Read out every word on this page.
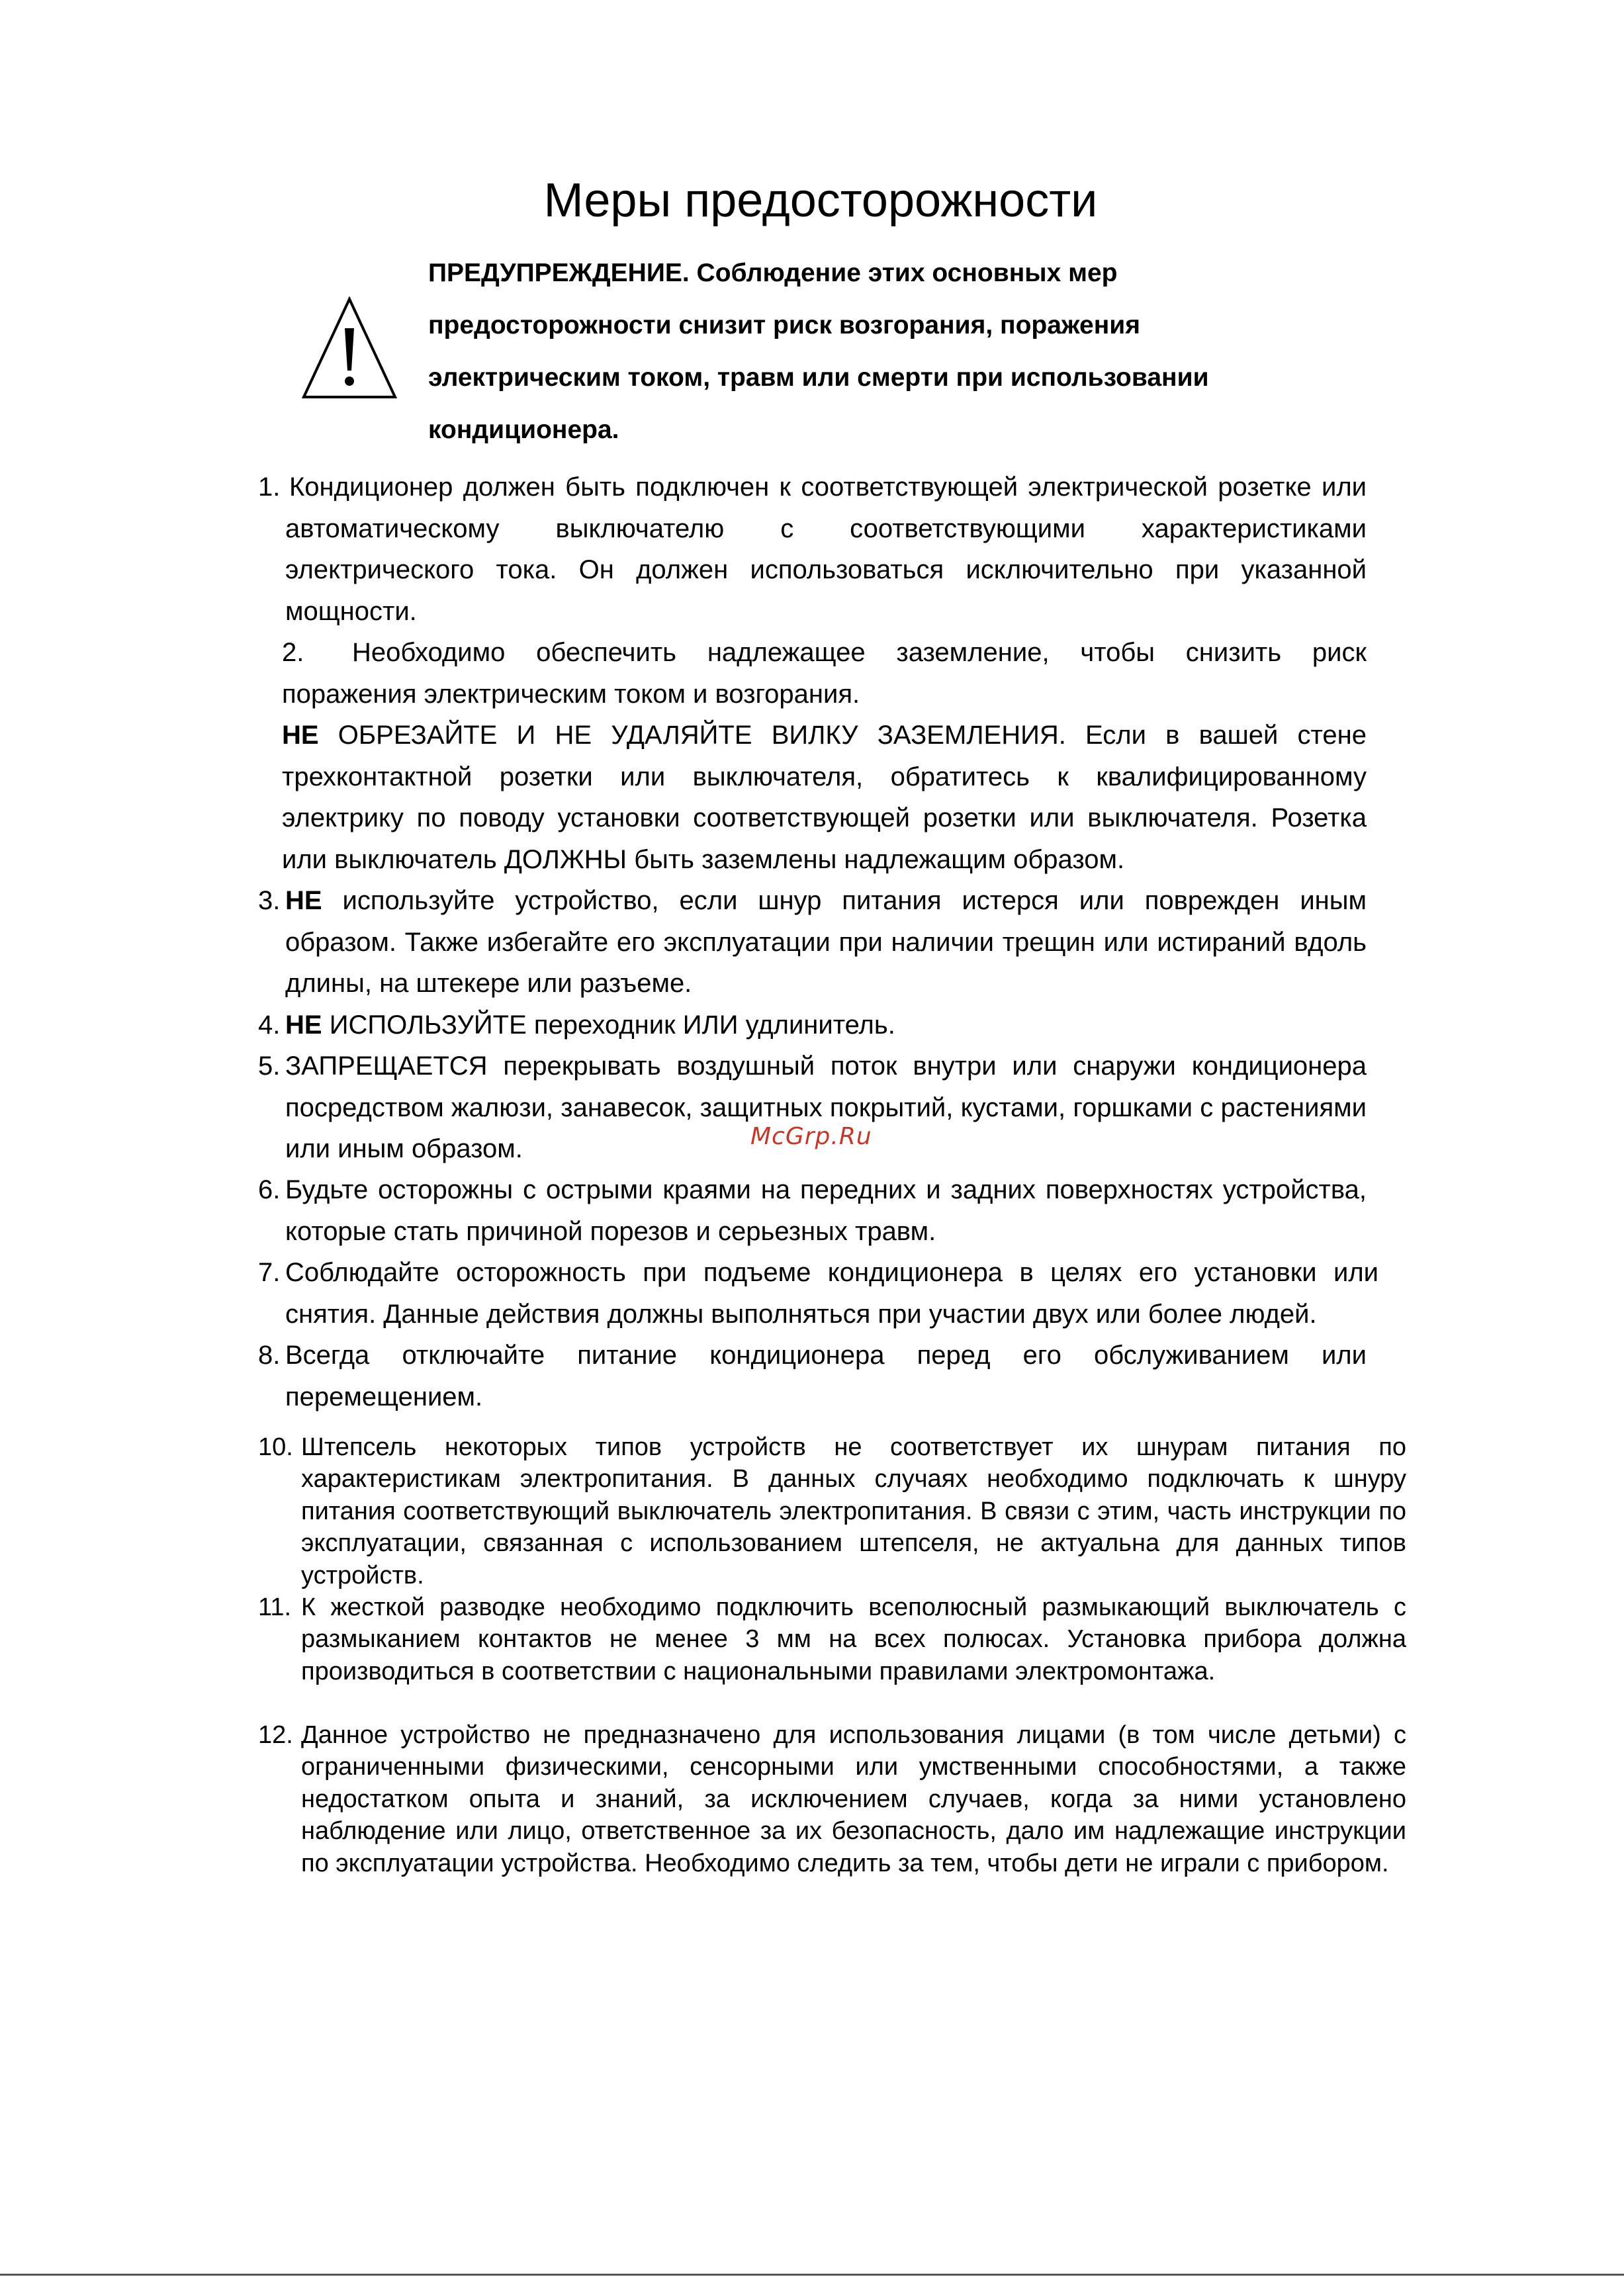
Меры предосторожности
ПРЕДУПРЕЖДЕНИЕ. Соблюдение этих основных мер предосторожности снизит риск возгорания, поражения электрическим током, травм или смерти при использовании кондиционера.
1. Кондиционер должен быть подключен к соответствующей электрической розетке или автоматическому выключателю с соответствующими характеристиками электрического тока. Он должен использоваться исключительно при указанной мощности.
2. Необходимо обеспечить надлежащее заземление, чтобы снизить риск поражения электрическим током и возгорания.
НЕ ОБРЕЗАЙТЕ И НЕ УДАЛЯЙТЕ ВИЛКУ ЗАЗЕМЛЕНИЯ. Если в вашей стене трехконтактной розетки или выключателя, обратитесь к квалифицированному электрику по поводу установки соответствующей розетки или выключателя. Розетка или выключатель ДОЛЖНЫ быть заземлены надлежащим образом.
3. НЕ используйте устройство, если шнур питания истерся или поврежден иным образом. Также избегайте его эксплуатации при наличии трещин или истираний вдоль длины, на штекере или разъеме.
4. НЕ ИСПОЛЬЗУЙТЕ переходник ИЛИ удлинитель.
5. ЗАПРЕЩАЕТСЯ перекрывать воздушный поток внутри или снаружи кондиционера посредством жалюзи, занавесок, защитных покрытий, кустами, горшками с растениями или иным образом.
6. Будьте осторожны с острыми краями на передних и задних поверхностях устройства, которые стать причиной порезов и серьезных травм.
7. Соблюдайте осторожность при подъеме кондиционера в целях его установки или снятия. Данные действия должны выполняться при участии двух или более людей.
8. Всегда отключайте питание кондиционера перед его обслуживанием или перемещением.
10. Штепсель некоторых типов устройств не соответствует их шнурам питания по характеристикам электропитания. В данных случаях необходимо подключать к шнуру питания соответствующий выключатель электропитания. В связи с этим, часть инструкции по эксплуатации, связанная с использованием штепселя, не актуальна для данных типов устройств.
11. К жесткой разводке необходимо подключить всеполюсный размыкающий выключатель с размыканием контактов не менее 3 мм на всех полюсах. Установка прибора должна производиться в соответствии с национальными правилами электромонтажа.
12. Данное устройство не предназначено для использования лицами (в том числе детьми) с ограниченными физическими, сенсорными или умственными способностями, а также недостатком опыта и знаний, за исключением случаев, когда за ними установлено наблюдение или лицо, ответственное за их безопасность, дало им надлежащие инструкции по эксплуатации устройства. Необходимо следить за тем, чтобы дети не играли с прибором.
McGrp.Ru
